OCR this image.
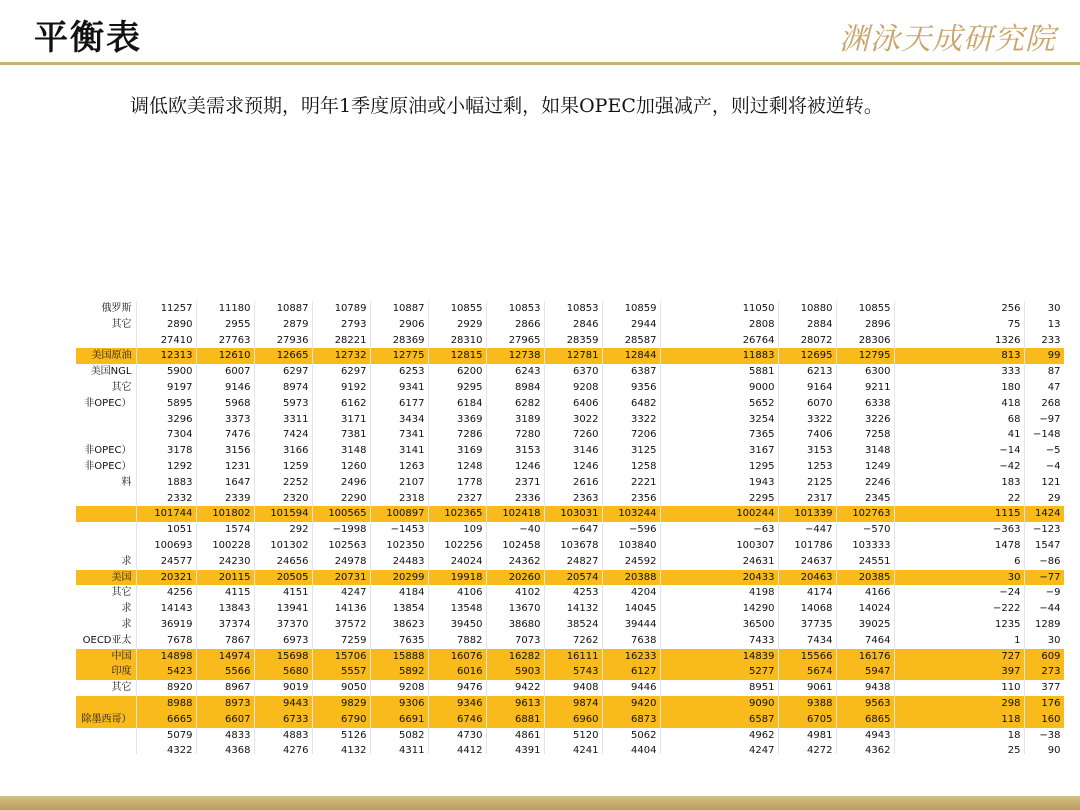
平衡表	渊泳天成研究院
调低欧美需求预期，明年1季度原油或小幅过剩，如果OPEC加强减产，则过剩将被逆转。
俄罗斯	11257	11180	10887	10789	10887	10855	10853	10853	10859		11050	10880	10855		256	30
其它	2890	2955	2879	2793	2906	2929	2866	2846	2944		2808	2884	2896		75	13
	27410	27763	27936	28221	28369	28310	27965	28359	28587		26764	28072	28306		1326	233
美国原油	12313	12610	12665	12732	12775	12815	12738	12781	12844		11883	12695	12795		813	99
美国NGL	5900	6007	6297	6297	6253	6200	6243	6370	6387		5881	6213	6300		333	87
其它	9197	9146	8974	9192	9341	9295	8984	9208	9356		9000	9164	9211		180	47
非OPEC）	5895	5968	5973	6162	6177	6184	6282	6406	6482		5652	6070	6338		418	268
	3296	3373	3311	3171	3434	3369	3189	3022	3322		3254	3322	3226		68	−97
	7304	7476	7424	7381	7341	7286	7280	7260	7206		7365	7406	7258		41	−148
非OPEC）	3178	3156	3166	3148	3141	3169	3153	3146	3125		3167	3153	3148		−14	−5
非OPEC）	1292	1231	1259	1260	1263	1248	1246	1246	1258		1295	1253	1249		−42	−4
料	1883	1647	2252	2496	2107	1778	2371	2616	2221		1943	2125	2246		183	121
	2332	2339	2320	2290	2318	2327	2336	2363	2356		2295	2317	2345		22	29
	101744	101802	101594	100565	100897	102365	102418	103031	103244		100244	101339	102763		1115	1424
	1051	1574	292	−1998	−1453	109	−40	−647	−596		−63	−447	−570		−363	−123
	100693	100228	101302	102563	102350	102256	102458	103678	103840		100307	101786	103333		1478	1547
求	24577	24230	24656	24978	24483	24024	24362	24827	24592		24631	24637	24551		6	−86
美国	20321	20115	20505	20731	20299	19918	20260	20574	20388		20433	20463	20385		30	−77
其它	4256	4115	4151	4247	4184	4106	4102	4253	4204		4198	4174	4166		−24	−9
求	14143	13843	13941	14136	13854	13548	13670	14132	14045		14290	14068	14024		−222	−44
求	36919	37374	37370	37572	38623	39450	38680	38524	39444		36500	37735	39025		1235	1289
OECD亚太	7678	7867	6973	7259	7635	7882	7073	7262	7638		7433	7434	7464		1	30
中国	14898	14974	15698	15706	15888	16076	16282	16111	16233		14839	15566	16176		727	609
印度	5423	5566	5680	5557	5892	6016	5903	5743	6127		5277	5674	5947		397	273
其它	8920	8967	9019	9050	9208	9476	9422	9408	9446		8951	9061	9438		110	377
	8988	8973	9443	9829	9306	9346	9613	9874	9420		9090	9388	9563		298	176
除墨西哥）	6665	6607	6733	6790	6691	6746	6881	6960	6873		6587	6705	6865		118	160
	5079	4833	4883	5126	5082	4730	4861	5120	5062		4962	4981	4943		18	−38
	4322	4368	4276	4132	4311	4412	4391	4241	4404		4247	4272	4362		25	90
